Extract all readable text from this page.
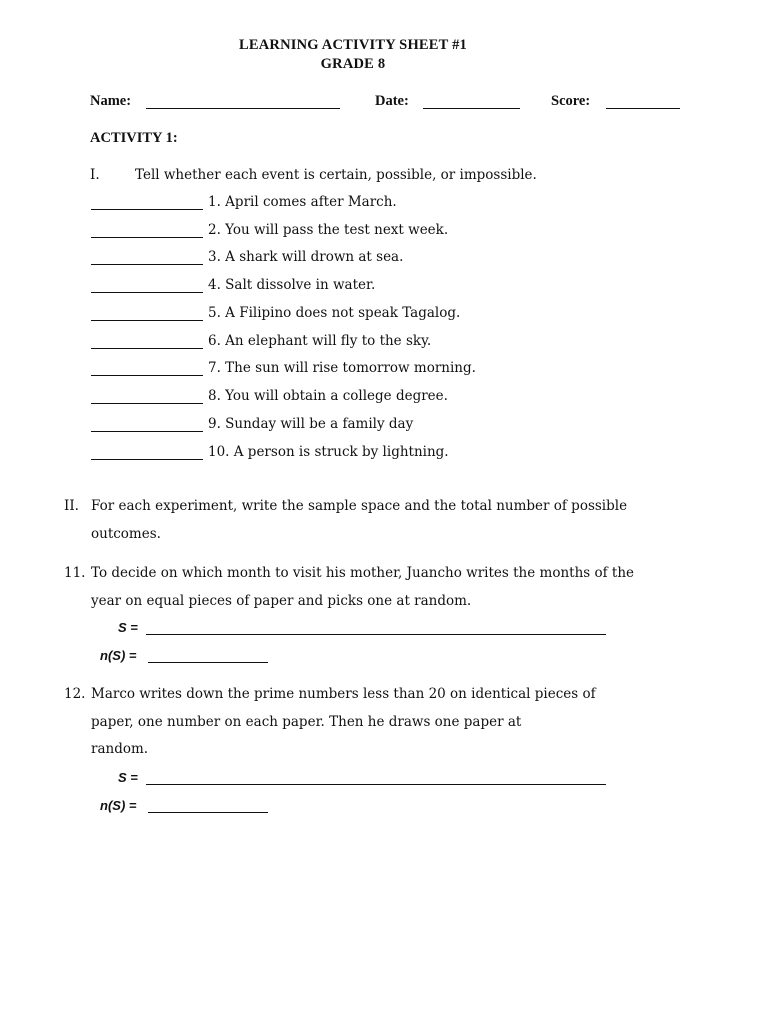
LEARNING ACTIVITY SHEET #1
GRADE 8
Name:	Date:	Score:
ACTIVITY 1:
I.	Tell whether each event is certain, possible, or impossible.
1. April comes after March.
2. You will pass the test next week.
3. A shark will drown at sea.
4. Salt dissolve in water.
5. A Filipino does not speak Tagalog.
6. An elephant will fly to the sky.
7. The sun will rise tomorrow morning.
8. You will obtain a college degree.
9. Sunday will be a family day
10. A person is struck by lightning.
II. For each experiment, write the sample space and the total number of possible
outcomes.
11. To decide on which month to visit his mother, Juancho writes the months of the
year on equal pieces of paper and picks one at random.
S =
n(S) =
12. Marco writes down the prime numbers less than 20 on identical pieces of
paper, one number on each paper. Then he draws one paper at
random.
S =
n(S) =
